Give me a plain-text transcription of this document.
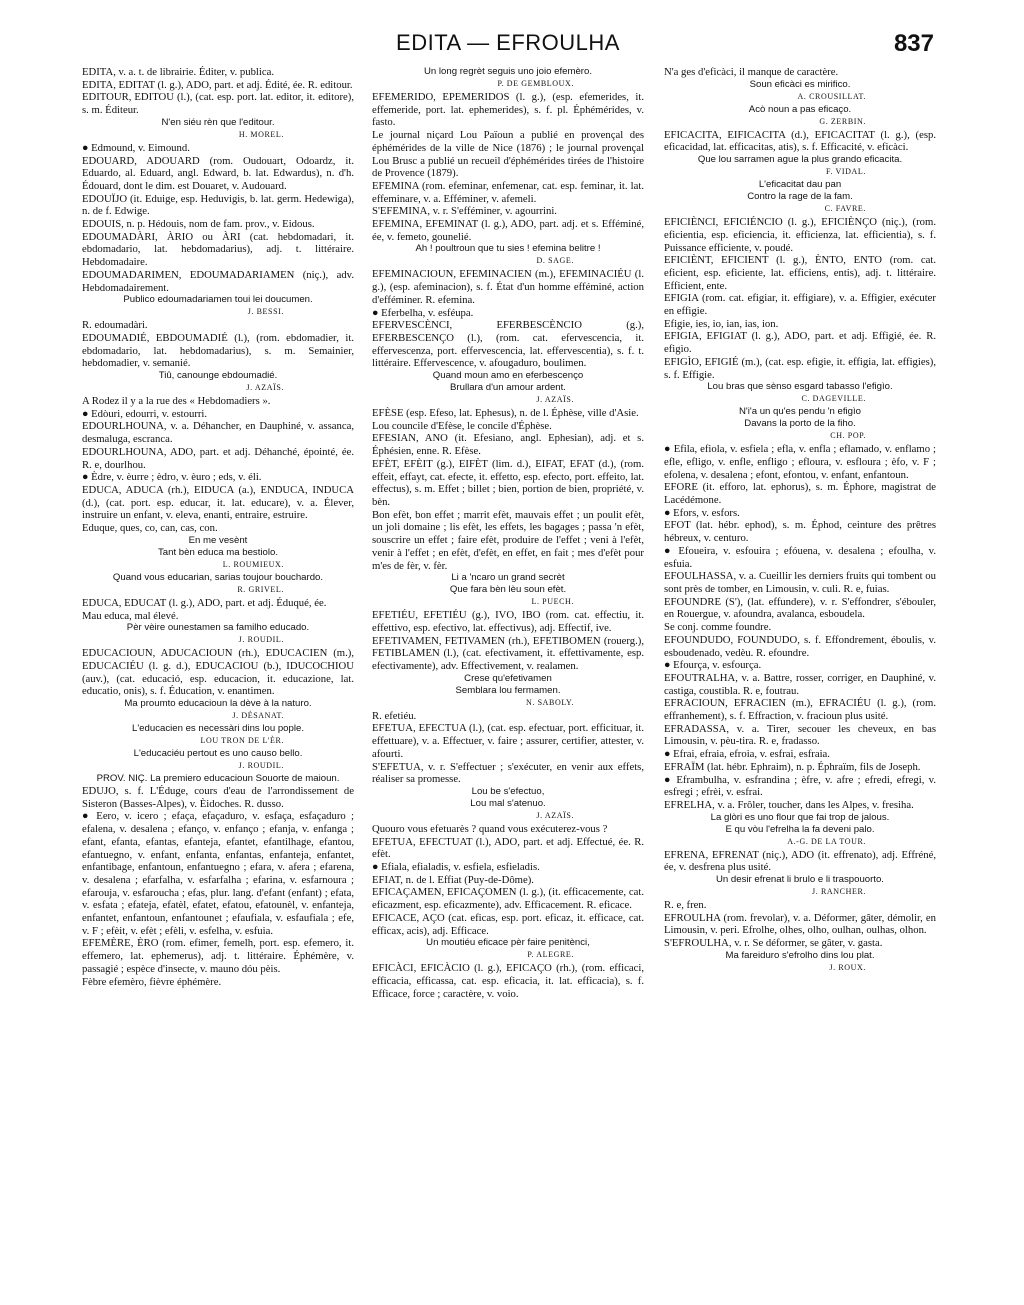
EDITA — EFROULHA	837

EDITA, v. a. t. de librairie. Éditer, v. publica.

EDITA, EDITAT (l. g.), ADO, part. et adj. Édité, ée. R. editour.

EDITOUR, EDITOU (l.), (cat. esp. port. lat. editor, it. editore), s. m. Éditeur.

N'en siéu rèn que l'editour.

H. MOREL.

● Edmound, v. Eimound.

EDOUARD, ADOUARD (rom. Oudouart, Odoardz, it. Eduardo, al. Eduard, angl. Edward, b. lat. Edwardus), n. d'h. Édouard, dont le dim. est Douaret, v. Audouard.

EDOUÏJO (it. Eduige, esp. Heduvigis, b. lat. germ. Hedewiga), n. de f. Edwige.

EDOUIS, n. p. Hédouis, nom de fam. prov., v. Eidous.

EDOUMADÀRI, ÀRIO ou ÀRI (cat. hebdomadari, it. ebdomadario, lat. hebdomadarius), adj. t. littéraire. Hebdomadaire.

EDOUMADARIMEN, EDOUMADARIAMEN (niç.), adv. Hebdomadairement.

Publico edoumadariamen toui lei doucumen.

J. BESSI.

R. edoumadàri.

EDOUMADIÉ, EBDOUMADIÉ (l.), (rom. ebdomadier, it. ebdomadario, lat. hebdomadarius), s. m. Semainier, hebdomadier, v. semanié.

Tiû, canounge ebdoumadié.

J. AZAÏS.

A Rodez il y a la rue des « Hebdomadiers ».

● Edòuri, edourri, v. estourri.

EDOURLHOUNA, v. a. Déhancher, en Dauphiné, v. assanca, desmaluga, escranca.

EDOURLHOUNA, ADO, part. et adj. Déhanché, épointé, ée. R. e, dourlhou.

● Èdre, v. èurre ; èdro, v. èuro ; eds, v. éli.

EDUCA, ADUCA (rh.), EIDUCA (a.), ENDUCA, INDUCA (d.), (cat. port. esp. educar, it. lat. educare), v. a. Élever, instruire un enfant, v. eleva, enanti, entraire, estruire.

Eduque, ques, co, can, cas, con.

En me vesènt

Tant bèn educa ma bestiolo.

L. ROUMIEUX.

Quand vous educarian, sarias toujour bouchardo.

R. GRIVEL.

EDUCA, EDUCAT (l. g.), ADO, part. et adj. Éduqué, ée.

Mau educa, mal élevé.

Pèr vèire ounestamen sa familho educado.

J. ROUDIL.

EDUCACIOUN, ADUCACIOUN (rh.), EDUCACIEN (m.), EDUCACIÉU (l. g. d.), EDUCACIOU (b.), IDUCOCHIOU (auv.), (cat. educació, esp. educacion, it. educazione, lat. educatio, onis), s. f. Éducation, v. enantimen.

Ma proumto educacioun la dève à la naturo.

J. DÉSANAT.

L'educacien es necessàri dins lou pople.

LOU TRON DE L'ÈR.

L'educaciéu pertout es uno causo bello.

J. ROUDIL.

PROV. NIÇ. La premiero educacioun Souorte de maioun.

EDUJO, s. f. L'Éduge, cours d'eau de l'arrondissement de Sisteron (Basses-Alpes), v. Èidoches. R. dusso.

● Eero, v. icero ; efaça, efaçaduro, v. esfaça, esfaçaduro ; efalena, v. desalena ; efanço, v. enfanço ; efanja, v. enfanga ; efant, efanta, efantas, efanteja, efantet, efantilhage, efantou, efantuegno, v. enfant, enfanta, enfantas, enfanteja, enfantet, enfantibage, enfantoun, enfantuegno ; efara, v. afera ; efarena, v. desalena ; efarfalha, v. esfarfalha ; efarina, v. esfarnoura ; efarouja, v. esfaroucha ; efas, plur. lang. d'efant (enfant) ; efata, v. esfata ; efateja, efatèl, efatet, efatou, efatounèl, v. enfanteja, enfantet, enfantoun, enfantounet ; efaufiala, v. esfaufiala ; efe, v. F ; efèit, v. efèt ; efèli, v. esfelha, v. esfuia.

EFEMÈRE, ÈRO (rom. efimer, femelh, port. esp. efemero, it. effemero, lat. ephemerus), adj. t. littéraire. Éphémère, v. passagié ; espèce d'insecte, v. mauno dóu pèis.

Fèbre efemèro, fièvre éphémère.

Un long regrèt seguis uno joio efemèro.

P. DE GEMBLOUX.

EFEMERIDO, EPEMERIDOS (l. g.), (esp. efemerides, it. effemeride, port. lat. ephemerides), s. f. pl. Éphémérides, v. fasto.

Le journal niçard Lou Païoun a publié en provençal des éphémérides de la ville de Nice (1876) ; le journal provençal Lou Brusc a publié un recueil d'éphémérides tirées de l'histoire de Provence (1879).

EFEMINA (rom. efeminar, enfemenar, cat. esp. feminar, it. lat. effeminare, v. a. Efféminer, v. afemeli.

S'EFEMINA, v. r. S'efféminer, v. agourrini.

EFEMINA, EFEMINAT (l. g.), ADO, part. adj. et s. Efféminé, ée, v. femeto, gounelié.

Ah ! poultroun que tu sies ! efemina belitre !

D. SAGE.

EFEMINACIOUN, EFEMINACIEN (m.), EFEMINACIÉU (l. g.), (esp. afeminacion), s. f. État d'un homme efféminé, action d'efféminer. R. efemina.

● Eferbelha, v. esféupa.

EFERVESCÈNCI, EFERBESCÈNCIO (g.), EFERBESCENÇO (l.), (rom. cat. efervescencia, it. effervescenza, port. effervescencia, lat. effervescentia), s. f. t. littéraire. Effervescence, v. afougaduro, boulimen.

Quand moun amo en eferbescenço

Brullara d'un amour ardent.

J. AZAÏS.

EFÈSE (esp. Efeso, lat. Ephesus), n. de l. Éphèse, ville d'Asie.

Lou councile d'Efèse, le concile d'Éphèse.

EFESIAN, ANO (it. Efesiano, angl. Ephesian), adj. et s. Éphésien, enne. R. Efèse.

EFÈT, EFÈIT (g.), EIFÈT (lim. d.), EIFAT, EFAT (d.), (rom. effeit, effayt, cat. efecte, it. effetto, esp. efecto, port. effeito, lat. effectus), s. m. Effet ; billet ; bien, portion de bien, propriété, v. bèn.

Bon efèt, bon effet ; marrit efèt, mauvais effet ; un poulit efèt, un joli domaine ; lis efèt, les effets, les bagages ; passa 'n efèt, souscrire un effet ; faire efèt, produire de l'effet ; veni à l'efèt, venir à l'effet ; en efèt, d'efèt, en effet, en fait ; mes d'efèt pour m'es de fèr, v. fèr.

Li a 'ncaro un grand secrèt

Que fara bèn lèu soun efèt.

L. PUECH.

EFETIÉU, EFETIÉU (g.), IVO, IBO (rom. cat. effectiu, it. effettivo, esp. efectivo, lat. effectivus), adj. Effectif, ive.

EFETIVAMEN, FETIVAMEN (rh.), EFETIBOMEN (rouerg.), FETIBLAMEN (l.), (cat. efectivament, it. effettivamente, esp. efectivamente), adv. Effectivement, v. realamen.

Crese qu'efetivamen

Semblara lou fermamen.

N. SABOLY.

R. efetiéu.

EFETUA, EFECTUA (l.), (cat. esp. efectuar, port. efficituar, it. effettuare), v. a. Effectuer, v. faire ; assurer, certifier, attester, v. afourti.

S'EFETUA, v. r. S'effectuer ; s'exécuter, en venir aux effets, réaliser sa promesse.

Lou be s'efectuo,

Lou mal s'atenuo.

J. AZAÏS.

Quouro vous efetuarès ? quand vous exécuterez-vous ?

EFETUA, EFECTUAT (l.), ADO, part. et adj. Effectué, ée. R. efèt.

● Efiala, efialadis, v. esfiela, esfieladis.

EFIAT, n. de l. Effiat (Puy-de-Dôme).

EFICAÇAMEN, EFICAÇOMEN (l. g.), (it. efficacemente, cat. eficazment, esp. eficazmente), adv. Efficacement. R. eficace.

EFICACE, AÇO (cat. eficas, esp. port. eficaz, it. efficace, cat. efficax, acis), adj. Efficace.

Un moutiéu eficace pèr faire penitènci,

P. ALEGRE.

EFICÀCI, EFICÀCIO (l. g.), EFICAÇO (rh.), (rom. efficaci, efficacia, efficassa, cat. esp. eficacia, it. lat. efficacia), s. f. Efficace, force ; caractère, v. voio.

N'a ges d'eficàci, il manque de caractère.

Soun eficàci es mirifico.

A. CROUSILLAT.

Acò noun a pas eficaço.

G. ZERBIN.

EFICACITA, EIFICACITA (d.), EFICACITAT (l. g.), (esp. eficacidad, lat. efficacitas, atis), s. f. Efficacité, v. eficàci.

Que lou sarramen ague la plus grando eficacita.

F. VIDAL.

L'eficacitat dau pan

Contro la rage de la fam.

C. FAVRE.

EFICIÈNCI, EFICIÉNCIO (l. g.), EFICIÈNÇO (niç.), (rom. eficientia, esp. eficiencia, it. efficienza, lat. efficientia), s. f. Puissance efficiente, v. poudé.

EFICIÈNT, EFICIENT (l. g.), ÈNTO, ENTO (rom. cat. eficient, esp. eficiente, lat. efficiens, entis), adj. t. littéraire. Efficient, ente.

EFIGIA (rom. cat. efigiar, it. effigiare), v. a. Effigier, exécuter en effigie.

Efigie, ies, io, ian, ias, ion.

EFIGIA, EFIGIAT (l. g.), ADO, part. et adj. Effigié, ée. R. efigìo.

EFIGÌO, EFIGIÉ (m.), (cat. esp. efigie, it. effigia, lat. effigies), s. f. Effigie.

Lou bras que sènso esgard tabasso l'efigìo.

C. DAGEVILLE.

N'i'a un qu'es pendu 'n efigìo

Davans la porto de la fiho.

CH. POP.

● Efila, efiola, v. esfiela ; efla, v. enfla ; eflamado, v. enflamo ; efle, efligo, v. enfle, enfligo ; efloura, v. esfloura ; èfo, v. F ; efolena, v. desalena ; efont, efontou, v. enfant, enfantoun.

EFORE (it. efforo, lat. ephorus), s. m. Éphore, magistrat de Lacédémone.

● Efors, v. esfors.

EFOT (lat. hébr. ephod), s. m. Éphod, ceinture des prêtres hébreux, v. centuro.

● Efoueira, v. esfouira ; efóuena, v. desalena ; efoulha, v. esfuia.

EFOULHASSA, v. a. Cueillir les derniers fruits qui tombent ou sont près de tomber, en Limousin, v. culi. R. e, fuias.

EFOUNDRE (S'), (lat. effundere), v. r. S'effondrer, s'ébouler, en Rouergue, v. afoundra, avalanca, esboudela.

Se conj. comme foundre.

EFOUNDUDO, FOUNDUDO, s. f. Effondrement, éboulis, v. esboudenado, vedèu. R. efoundre.

● Efourça, v. esfourça.

EFOUTRALHA, v. a. Battre, rosser, corriger, en Dauphiné, v. castiga, coustibla. R. e, foutrau.

EFRACIOUN, EFRACIEN (m.), EFRACIÉU (l. g.), (rom. effranhement), s. f. Effraction, v. fracioun plus usité.

EFRADASSA, v. a. Tirer, secouer les cheveux, en bas Limousin, v. pèu-tira. R. e, fradasso.

● Efrai, efraia, efroia, v. esfrai, esfraia.

EFRAÏM (lat. hébr. Ephraim), n. p. Éphraïm, fils de Joseph.

● Eframbulha, v. esfrandina ; èfre, v. afre ; efredi, efregi, v. esfregi ; efrèi, v. esfrai.

EFRELHA, v. a. Frôler, toucher, dans les Alpes, v. fresiha.

La glòri es uno flour que fai trop de jalous.

E qu vòu l'efrelha la fa deveni palo.

A.-G. DE LA TOUR.

EFRENA, EFRENAT (niç.), ADO (it. effrenato), adj. Effréné, ée, v. desfrena plus usité.

Un desir efrenat li brulo e li traspouorto.

J. RANCHER.

R. e, fren.

EFROULHA (rom. frevolar), v. a. Déformer, gâter, démolir, en Limousin, v. peri. Efrolhe, olhes, olho, oulhan, oulhas, olhon.

S'EFROULHA, v. r. Se déformer, se gâter, v. gasta.

Ma fareiduro s'efrolho dins lou plat.

J. ROUX.
